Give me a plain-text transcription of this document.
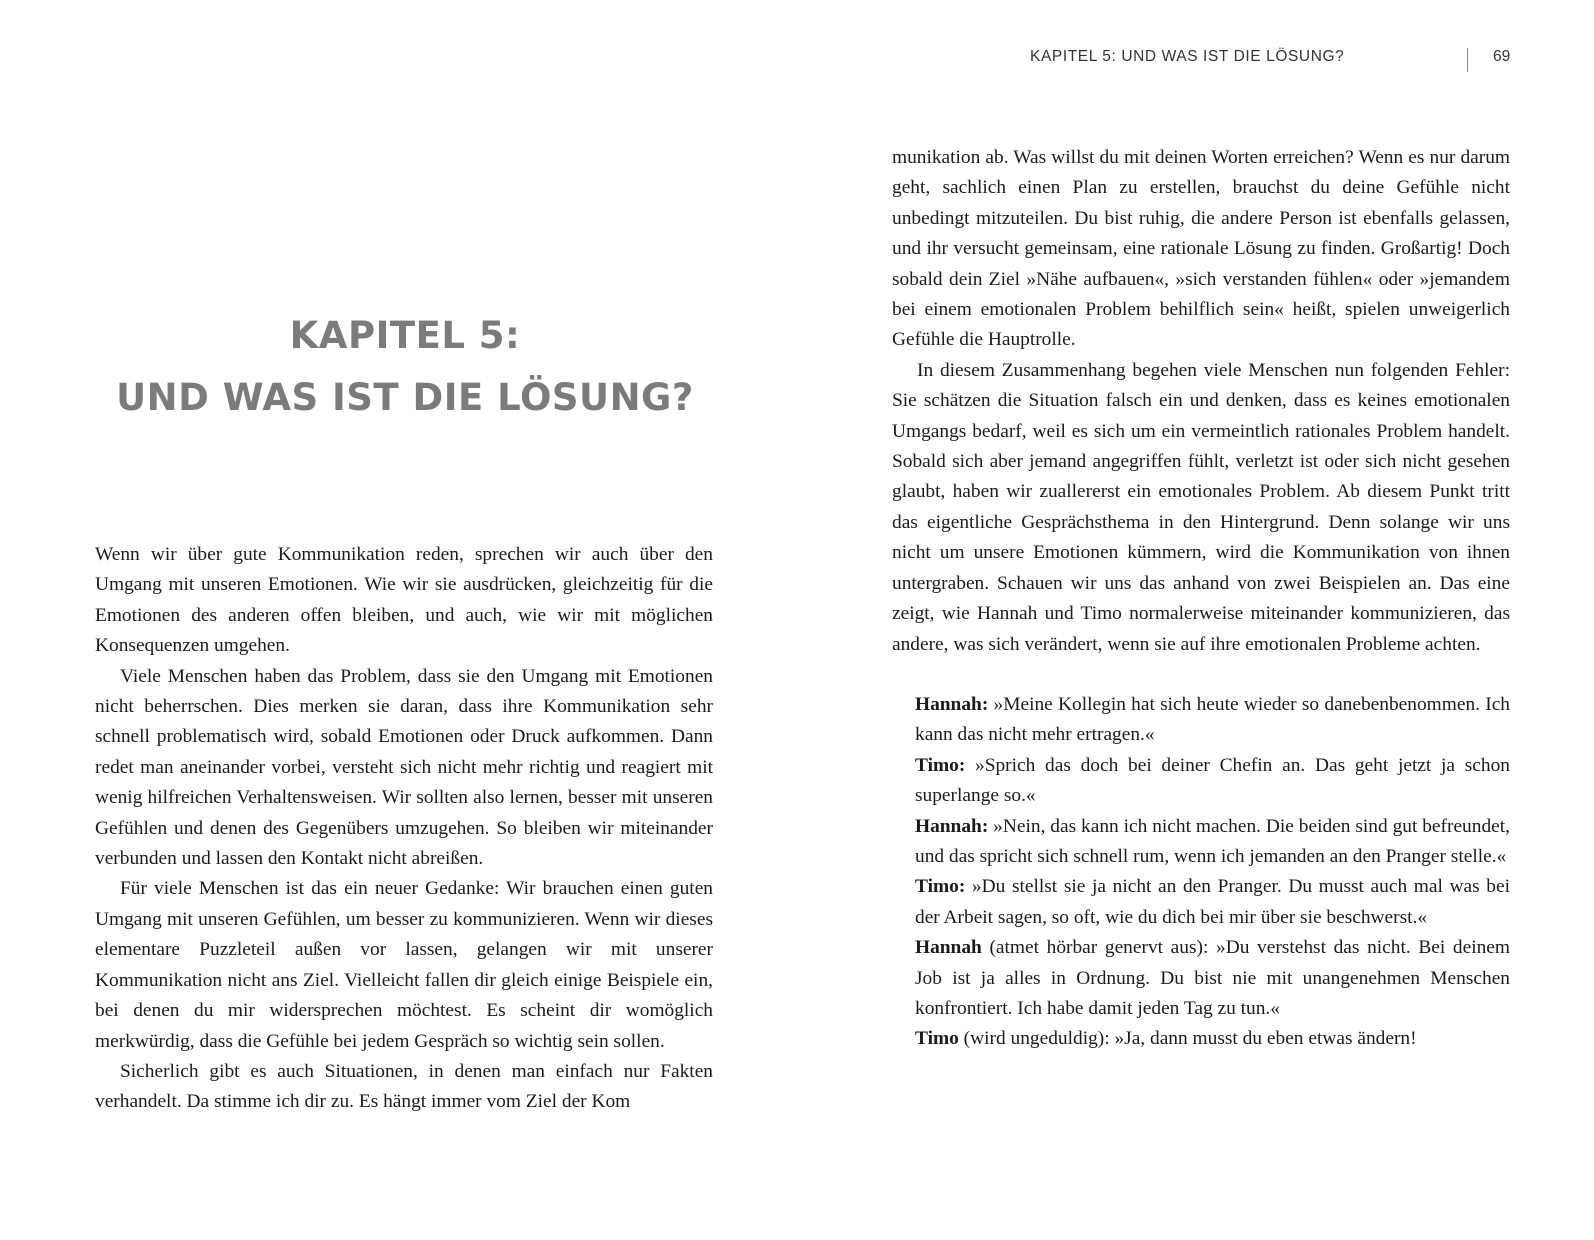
KAPITEL 5: UND WAS IST DIE LÖSUNG?	69
KAPITEL 5:
UND WAS IST DIE LÖSUNG?

Wenn wir über gute Kommunikation reden, sprechen wir auch über den Umgang mit unseren Emotionen. Wie wir sie ausdrücken, gleichzeitig für die Emotionen des anderen offen bleiben, und auch, wie wir mit möglichen Konsequenzen umgehen.

Viele Menschen haben das Problem, dass sie den Umgang mit Emotionen nicht beherrschen. Dies merken sie daran, dass ihre Kommunikation sehr schnell problematisch wird, sobald Emotionen oder Druck aufkommen. Dann redet man aneinander vorbei, versteht sich nicht mehr richtig und reagiert mit wenig hilfreichen Verhaltensweisen. Wir sollten also lernen, besser mit unseren Gefühlen und denen des Gegenübers umzugehen. So bleiben wir miteinander verbunden und lassen den Kontakt nicht abreißen.

Für viele Menschen ist das ein neuer Gedanke: Wir brauchen einen guten Umgang mit unseren Gefühlen, um besser zu kommunizieren. Wenn wir dieses elementare Puzzleteil außen vor lassen, gelangen wir mit unserer Kommunikation nicht ans Ziel. Vielleicht fallen dir gleich einige Beispiele ein, bei denen du mir widersprechen möchtest. Es scheint dir womöglich merkwürdig, dass die Gefühle bei jedem Gespräch so wichtig sein sollen.

Sicherlich gibt es auch Situationen, in denen man einfach nur Fakten verhandelt. Da stimme ich dir zu. Es hängt immer vom Ziel der Kom

munikation ab. Was willst du mit deinen Worten erreichen? Wenn es nur darum geht, sachlich einen Plan zu erstellen, brauchst du deine Gefühle nicht unbedingt mitzuteilen. Du bist ruhig, die andere Person ist ebenfalls gelassen, und ihr versucht gemeinsam, eine rationale Lösung zu finden. Großartig! Doch sobald dein Ziel »Nähe aufbauen«, »sich verstanden fühlen« oder »jemandem bei einem emotionalen Problem behilflich sein« heißt, spielen unweigerlich Gefühle die Hauptrolle.

In diesem Zusammenhang begehen viele Menschen nun folgenden Fehler: Sie schätzen die Situation falsch ein und denken, dass es keines emotionalen Umgangs bedarf, weil es sich um ein vermeintlich rationales Problem handelt. Sobald sich aber jemand angegriffen fühlt, verletzt ist oder sich nicht gesehen glaubt, haben wir zuallererst ein emotionales Problem. Ab diesem Punkt tritt das eigentliche Gesprächsthema in den Hintergrund. Denn solange wir uns nicht um unsere Emotionen kümmern, wird die Kommunikation von ihnen untergraben. Schauen wir uns das anhand von zwei Beispielen an. Das eine zeigt, wie Hannah und Timo normalerweise miteinander kommunizieren, das andere, was sich verändert, wenn sie auf ihre emotionalen Probleme achten.

Hannah: »Meine Kollegin hat sich heute wieder so danebenbenommen. Ich kann das nicht mehr ertragen.«

Timo: »Sprich das doch bei deiner Chefin an. Das geht jetzt ja schon superlange so.«

Hannah: »Nein, das kann ich nicht machen. Die beiden sind gut befreundet, und das spricht sich schnell rum, wenn ich jemanden an den Pranger stelle.«

Timo: »Du stellst sie ja nicht an den Pranger. Du musst auch mal was bei der Arbeit sagen, so oft, wie du dich bei mir über sie beschwerst.«

Hannah (atmet hörbar genervt aus): »Du verstehst das nicht. Bei deinem Job ist ja alles in Ordnung. Du bist nie mit unangenehmen Menschen konfrontiert. Ich habe damit jeden Tag zu tun.«

Timo (wird ungeduldig): »Ja, dann musst du eben etwas ändern!
